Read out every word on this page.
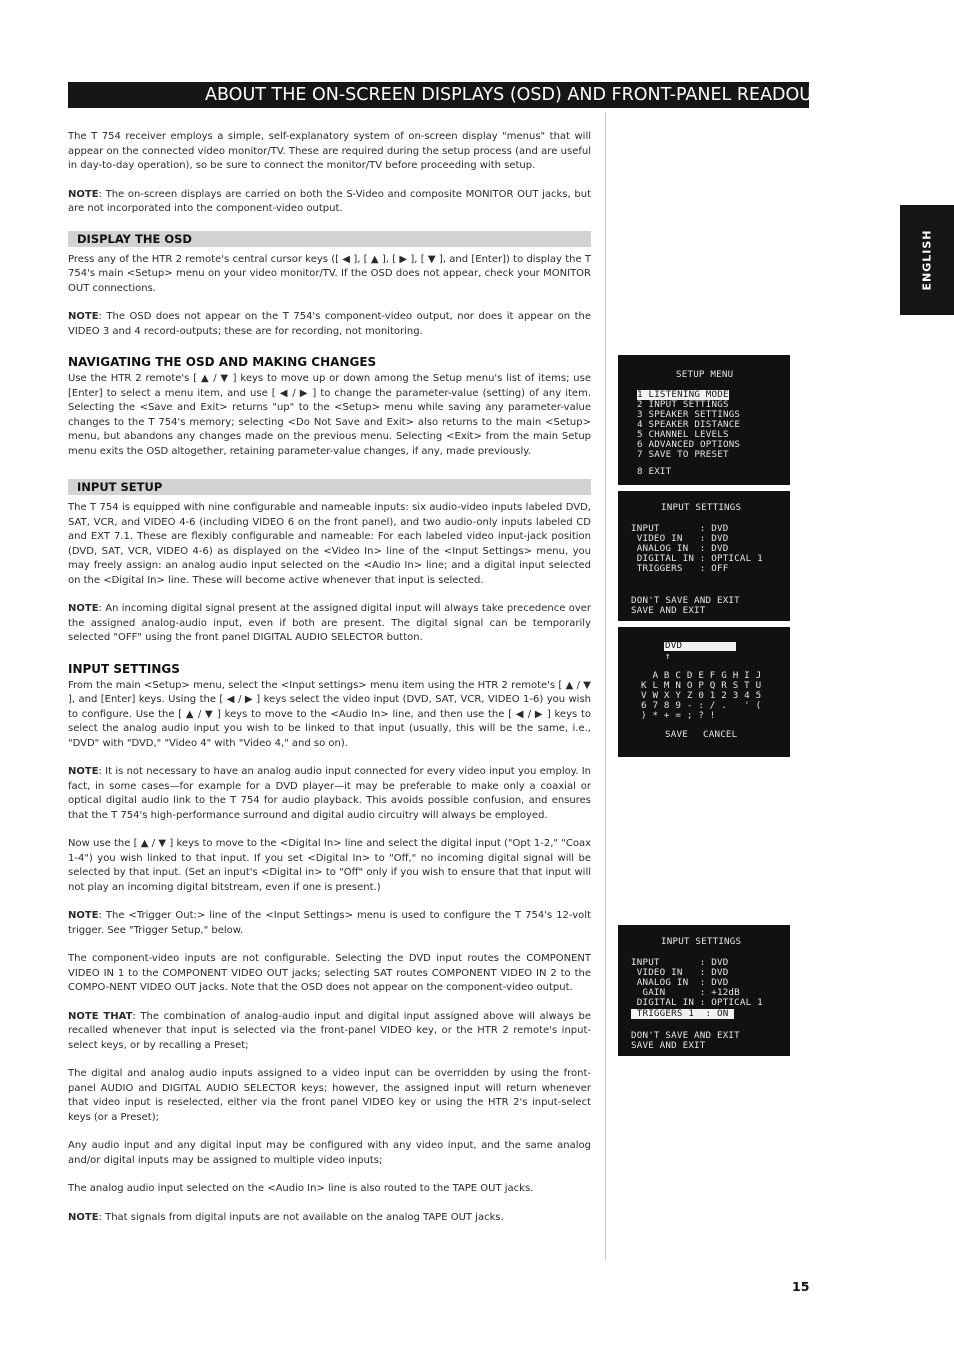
ABOUT THE ON-SCREEN DISPLAYS (OSD) AND FRONT-PANEL READOUT
ENGLISH

The T 754 receiver employs a simple, self-explanatory system of on-screen display "menus" that will appear on the connected video monitor/TV. These are required during the setup process (and are useful in day-to-day operation), so be sure to connect the monitor/TV before proceeding with setup.

NOTE: The on-screen displays are carried on both the S-Video and composite MONITOR OUT jacks, but are not incorporated into the component-video output.

DISPLAY THE OSD

Press any of the HTR 2 remote's central cursor keys ([ ◀ ], [ ▲ ], [ ▶ ], [ ▼ ], and [Enter]) to display the T 754's main <Setup> menu on your video monitor/TV. If the OSD does not appear, check your MONITOR OUT connections.

NOTE: The OSD does not appear on the T 754's component-video output, nor does it appear on the VIDEO 3 and 4 record-outputs; these are for recording, not monitoring.

NAVIGATING THE OSD AND MAKING CHANGES

Use the HTR 2 remote's [ ▲ / ▼ ] keys to move up or down among the Setup menu's list of items; use [Enter] to select a menu item, and use [ ◀ / ▶ ] to change the parameter-value (setting) of any item. Selecting the <Save and Exit> returns "up" to the <Setup> menu while saving any parameter-value changes to the T 754's memory; selecting <Do Not Save and Exit> also returns to the main <Setup> menu, but abandons any changes made on the previous menu. Selecting <Exit> from the main Setup menu exits the OSD altogether, retaining parameter-value changes, if any, made previously.

INPUT SETUP

The T 754 is equipped with nine configurable and nameable inputs: six audio-video inputs labeled DVD, SAT, VCR, and VIDEO 4-6 (including VIDEO 6 on the front panel), and two audio-only inputs labeled CD and EXT 7.1. These are flexibly configurable and nameable: For each labeled video input-jack position (DVD, SAT, VCR, VIDEO 4-6) as displayed on the <Video In> line of the <Input Settings> menu, you may freely assign: an analog audio input selected on the <Audio In> line; and a digital input selected on the <Digital In> line. These will become active whenever that input is selected.

NOTE: An incoming digital signal present at the assigned digital input will always take precedence over the assigned analog-audio input, even if both are present. The digital signal can be temporarily selected "OFF" using the front panel DIGITAL AUDIO SELECTOR button.

INPUT SETTINGS

From the main <Setup> menu, select the <Input settings> menu item using the HTR 2 remote's [ ▲ / ▼ ], and [Enter] keys. Using the [ ◀ / ▶ ] keys select the video input (DVD, SAT, VCR, VIDEO 1-6) you wish to configure. Use the [ ▲ / ▼ ] keys to move to the <Audio In> line, and then use the [ ◀ / ▶ ] keys to select the analog audio input you wish to be linked to that input (usually, this will be the same, i.e., "DVD" with "DVD," "Video 4" with "Video 4," and so on).

NOTE: It is not necessary to have an analog audio input connected for every video input you employ. In fact, in some cases—for example for a DVD player—it may be preferable to make only a coaxial or optical digital audio link to the T 754 for audio playback. This avoids possible confusion, and ensures that the T 754's high-performance surround and digital audio circuitry will always be employed.

Now use the [ ▲ / ▼ ] keys to move to the <Digital In> line and select the digital input ("Opt 1-2," "Coax 1-4") you wish linked to that input. If you set <Digital In> to "Off," no incoming digital signal will be selected by that input. (Set an input's <Digital in> to "Off" only if you wish to ensure that that input will not play an incoming digital bitstream, even if one is present.)

NOTE: The <Trigger Out:> line of the <Input Settings> menu is used to configure the T 754's 12-volt trigger. See "Trigger Setup," below.

The component-video inputs are not configurable. Selecting the DVD input routes the COMPONENT VIDEO IN 1 to the COMPONENT VIDEO OUT jacks; selecting SAT routes COMPONENT VIDEO IN 2 to the COMPO-NENT VIDEO OUT jacks. Note that the OSD does not appear on the component-video output.

NOTE THAT: The combination of analog-audio input and digital input assigned above will always be recalled whenever that input is selected via the front-panel VIDEO key, or the HTR 2 remote's input-select keys, or by recalling a Preset;

The digital and analog audio inputs assigned to a video input can be overridden by using the front-panel AUDIO and DIGITAL AUDIO SELECTOR keys; however, the assigned input will return whenever that video input is reselected, either via the front panel VIDEO key or using the HTR 2's input-select keys (or a Preset);

Any audio input and any digital input may be configured with any video input, and the same analog and/or digital inputs may be assigned to multiple video inputs;

The analog audio input selected on the <Audio In> line is also routed to the TAPE OUT jacks.

NOTE: That signals from digital inputs are not available on the analog TAPE OUT jacks.

SETUP MENU
1 LISTENING MODE
2 INPUT SETTINGS
3 SPEAKER SETTINGS
4 SPEAKER DISTANCE
5 CHANNEL LEVELS
6 ADVANCED OPTIONS
7 SAVE TO PRESET
8 EXIT
INPUT SETTINGS
INPUT       : DVD
VIDEO IN   : DVD
ANALOG IN  : DVD
DIGITAL IN : OPTICAL 1
TRIGGERS   : OFF
DON'T SAVE AND EXIT
SAVE AND EXIT
DVD
↑
A B C D E F G H I J
K L M N O P Q R S T U
V W X Y Z 0 1 2 3 4 5
6 7 8 9 - : / .   ' (
) * + = ; ? !
SAVE CANCEL
INPUT SETTINGS
INPUT       : DVD
VIDEO IN   : DVD
ANALOG IN  : DVD
GAIN      : +12dB
DIGITAL IN : OPTICAL 1
TRIGGERS 1  : ON
DON'T SAVE AND EXIT
SAVE AND EXIT
15
